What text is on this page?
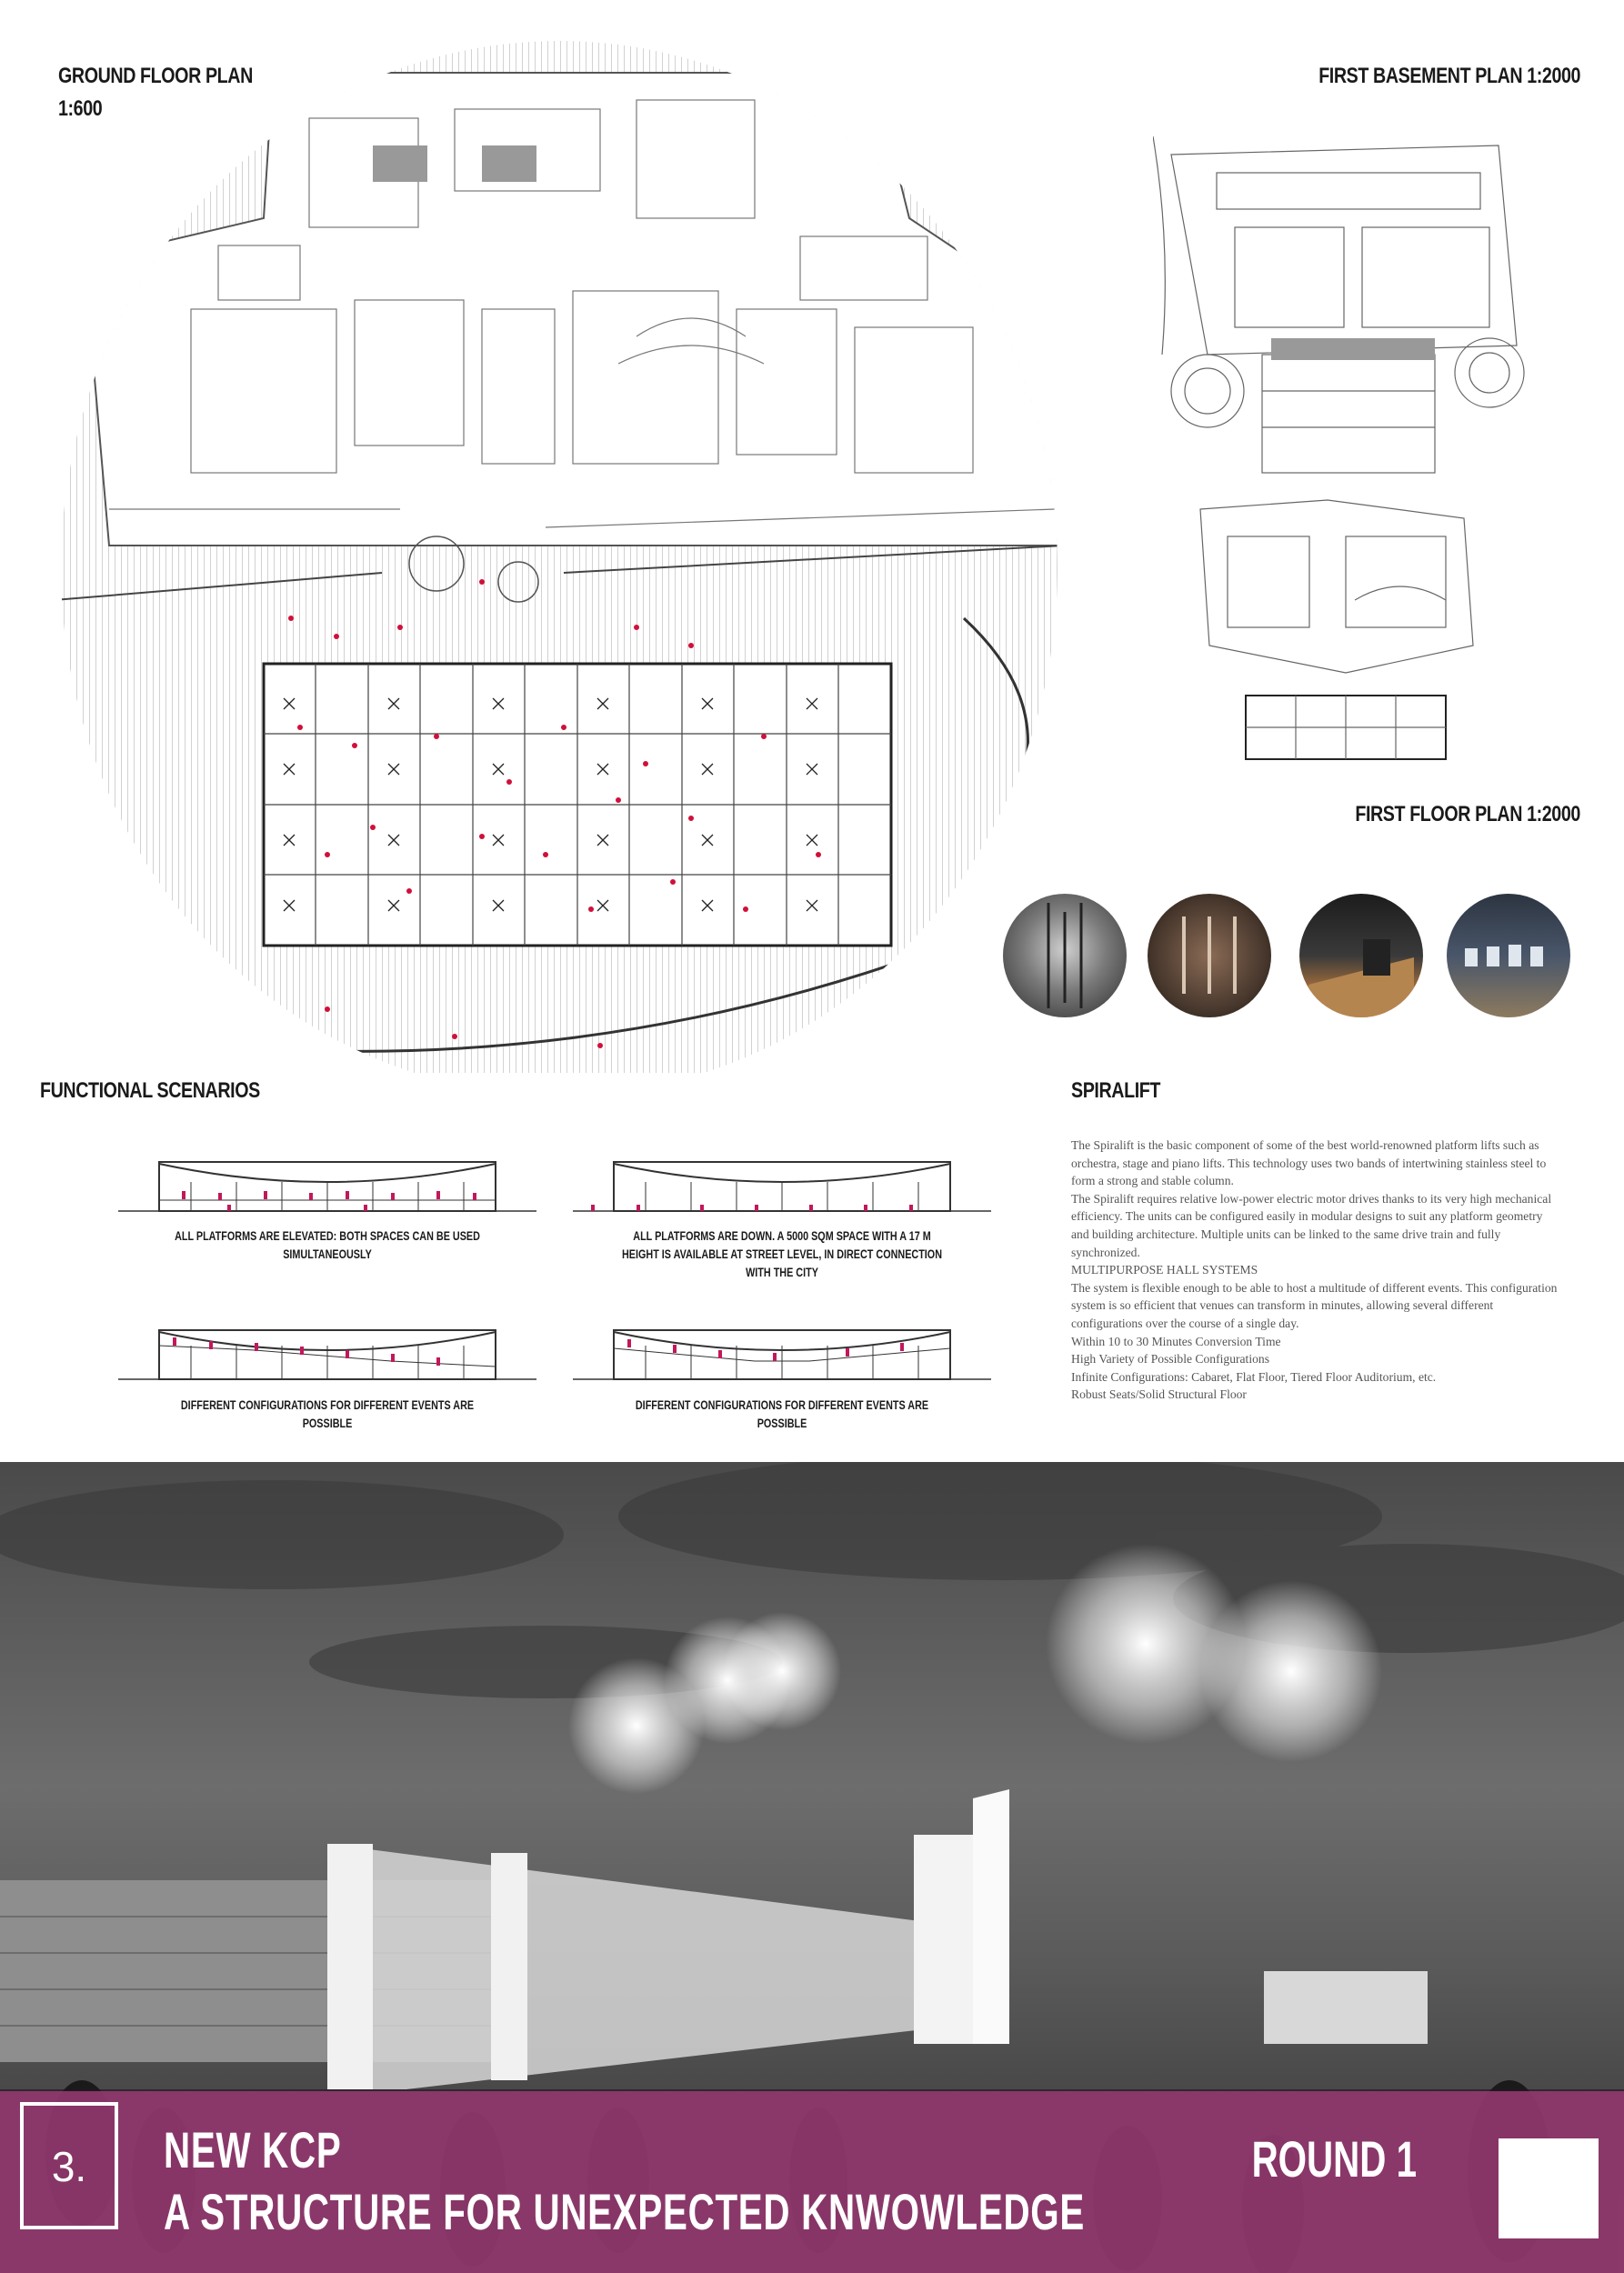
GROUND FLOOR PLAN
1:600
FIRST BASEMENT PLAN 1:2000
FIRST FLOOR PLAN 1:2000
FUNCTIONAL SCENARIOS
ALL PLATFORMS ARE ELEVATED: BOTH SPACES CAN BE USED SIMULTANEOUSLY
ALL PLATFORMS ARE DOWN. A 5000 SQM SPACE WITH A 17 M HEIGHT IS AVAILABLE AT STREET LEVEL, IN DIRECT CONNECTION WITH THE CITY
DIFFERENT CONFIGURATIONS FOR DIFFERENT EVENTS ARE POSSIBLE
DIFFERENT CONFIGURATIONS FOR DIFFERENT EVENTS ARE POSSIBLE
SPIRALIFT

The Spiralift is the basic component of some of the best world-renowned platform lifts such as orchestra, stage and piano lifts. This technology uses two bands of intertwining stainless steel to form a strong and stable column.

The Spiralift requires relative low-power electric motor drives thanks to its very high mechanical efficiency. The units can be configured easily in modular designs to suit any platform geometry and building architecture. Multiple units can be linked to the same drive train and fully synchronized.

MULTIPURPOSE HALL SYSTEMS

The system is flexible enough to be able to host a multitude of different events. This configuration system is so efficient that venues can transform in minutes, allowing several different configurations over the course of a single day.

Within 10 to 30 Minutes Conversion Time

High Variety of Possible Configurations

Infinite Configurations: Cabaret, Flat Floor, Tiered Floor Auditorium, etc.

Robust Seats/Solid Structural Floor

3.	NEW KCP
A STRUCTURE FOR UNEXPECTED KNWOWLEDGE
ROUND 1
